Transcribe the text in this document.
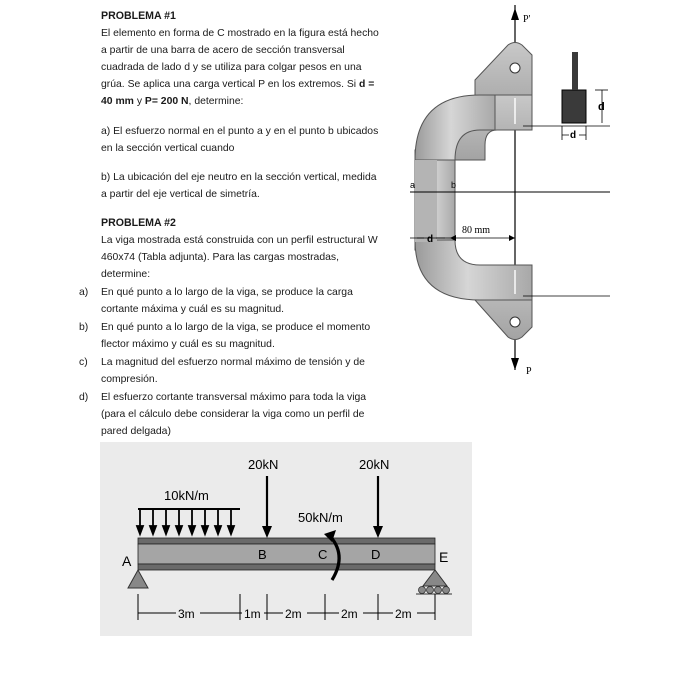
PROBLEMA #1
El elemento en forma de C mostrado en la figura está hecho
a partir de una barra de acero de sección transversal
cuadrada de lado d y se utiliza para colgar pesos en una
grúa. Se aplica una carga vertical P en los extremos. Si d =
40 mm y P= 200 N, determine:
a) El esfuerzo normal en el punto a y en el punto b ubicados
en la sección vertical cuando
b) La ubicación del eje neutro en la sección vertical, medida
a partir del eje vertical de simetría.
PROBLEMA #2
La viga mostrada está construida con un perfil estructural W
460x74 (Tabla adjunta). Para las cargas mostradas,
determine:
a) En qué punto a lo largo de la viga, se produce la carga
cortante máxima y cuál es su magnitud.
b) En qué punto a lo largo de la viga, se produce el momento
flector máximo y cuál es su magnitud.
c) La magnitud del esfuerzo normal máximo de tensión y de
compresión.
d) El esfuerzo cortante transversal máximo para toda la viga
(para el cálculo debe considerar la viga como un perfil de
pared delgada)
a	b
d
80 mm
P'
P
d
d
20kN	20kN
10kN/m
50kN/m
A	B	C	D	E
3m	1m 2m	2m	2m
